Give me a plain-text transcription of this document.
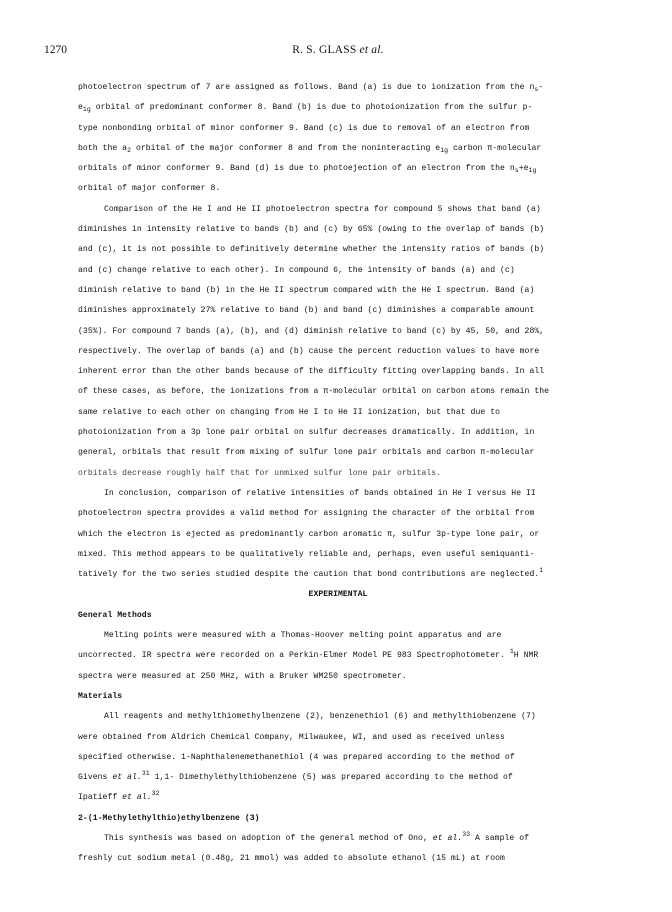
1270	R. S. GLASS et al.
photoelectron spectrum of 7 are assigned as follows. Band (a) is due to ionization from the $n_s-$
$e_{1g}$ orbital of predominant conformer 8. Band (b) is due to photoionization from the sulfur p-
type nonbonding orbital of minor conformer 9. Band (c) is due to removal of an electron from
both the $a_2$ orbital of the major conformer 8 and from the noninteracting $e_{1g}$ carbon π-molecular
orbitals of minor conformer 9. Band (d) is due to photoejection of an electron from the $n_s+e_{1g}$
orbital of major conformer 8.
Comparison of the He I and He II photoelectron spectra for compound 5 shows that band (a)
diminishes in intensity relative to bands (b) and (c) by 65% (owing to the overlap of bands (b)
and (c), it is not possible to definitively determine whether the intensity ratios of bands (b)
and (c) change relative to each other). In compound 6, the intensity of bands (a) and (c)
diminish relative to band (b) in the He II spectrum compared with the He I spectrum. Band (a)
diminishes approximately 27% relative to band (b) and band (c) diminishes a comparable amount
(35%). For compound 7 bands (a), (b), and (d) diminish relative to band (c) by 45, 50, and 28%,
respectively. The overlap of bands (a) and (b) cause the percent reduction values to have more
inherent error than the other bands because of the difficulty fitting overlapping bands. In all
of these cases, as before, the ionizations from a π-molecular orbital on carbon atoms remain the
same relative to each other on changing from He I to He II ionization, but that due to
photoionization from a 3p lone pair orbital on sulfur decreases dramatically. In addition, in
general, orbitals that result from mixing of sulfur lone pair orbitals and carbon π-molecular
orbitals decrease roughly half that for unmixed sulfur lone pair orbitals.
In conclusion, comparison of relative intensities of bands obtained in He I versus He II
photoelectron spectra provides a valid method for assigning the character of the orbital from
which the electron is ejected as predominantly carbon aromatic π, sulfur 3p-type lone pair, or
mixed. This method appears to be qualitatively reliable and, perhaps, even useful semiquanti-
tatively for the two series studied despite the caution that bond contributions are neglected.$^1$
EXPERIMENTAL
General Methods
Melting points were measured with a Thomas-Hoover melting point apparatus and are
uncorrected. IR spectra were recorded on a Perkin-Elmer Model PE 983 Spectrophotometer. $^1$H NMR
spectra were measured at 250 MHz, with a Bruker WM250 spectrometer.
Materials
All reagents and methylthiomethylbenzene (2), benzenethiol (6) and methylthiobenzene (7)
were obtained from Aldrich Chemical Company, Milwaukee, WI, and used as received unless
specified otherwise. 1-Naphthalenemethanethiol (4 was prepared according to the method of
Givens et al.$^{31}$ 1,1- Dimethylethylthiobenzene (5) was prepared according to the method of
Ipatieff et al.$^{32}$
2-(1-Methylethylthio)ethylbenzene (3)
This synthesis was based on adoption of the general method of Ono, et al.$^{33}$ A sample of
freshly cut sodium metal (0.48g, 21 mmol) was added to absolute ethanol (15 mL) at room
